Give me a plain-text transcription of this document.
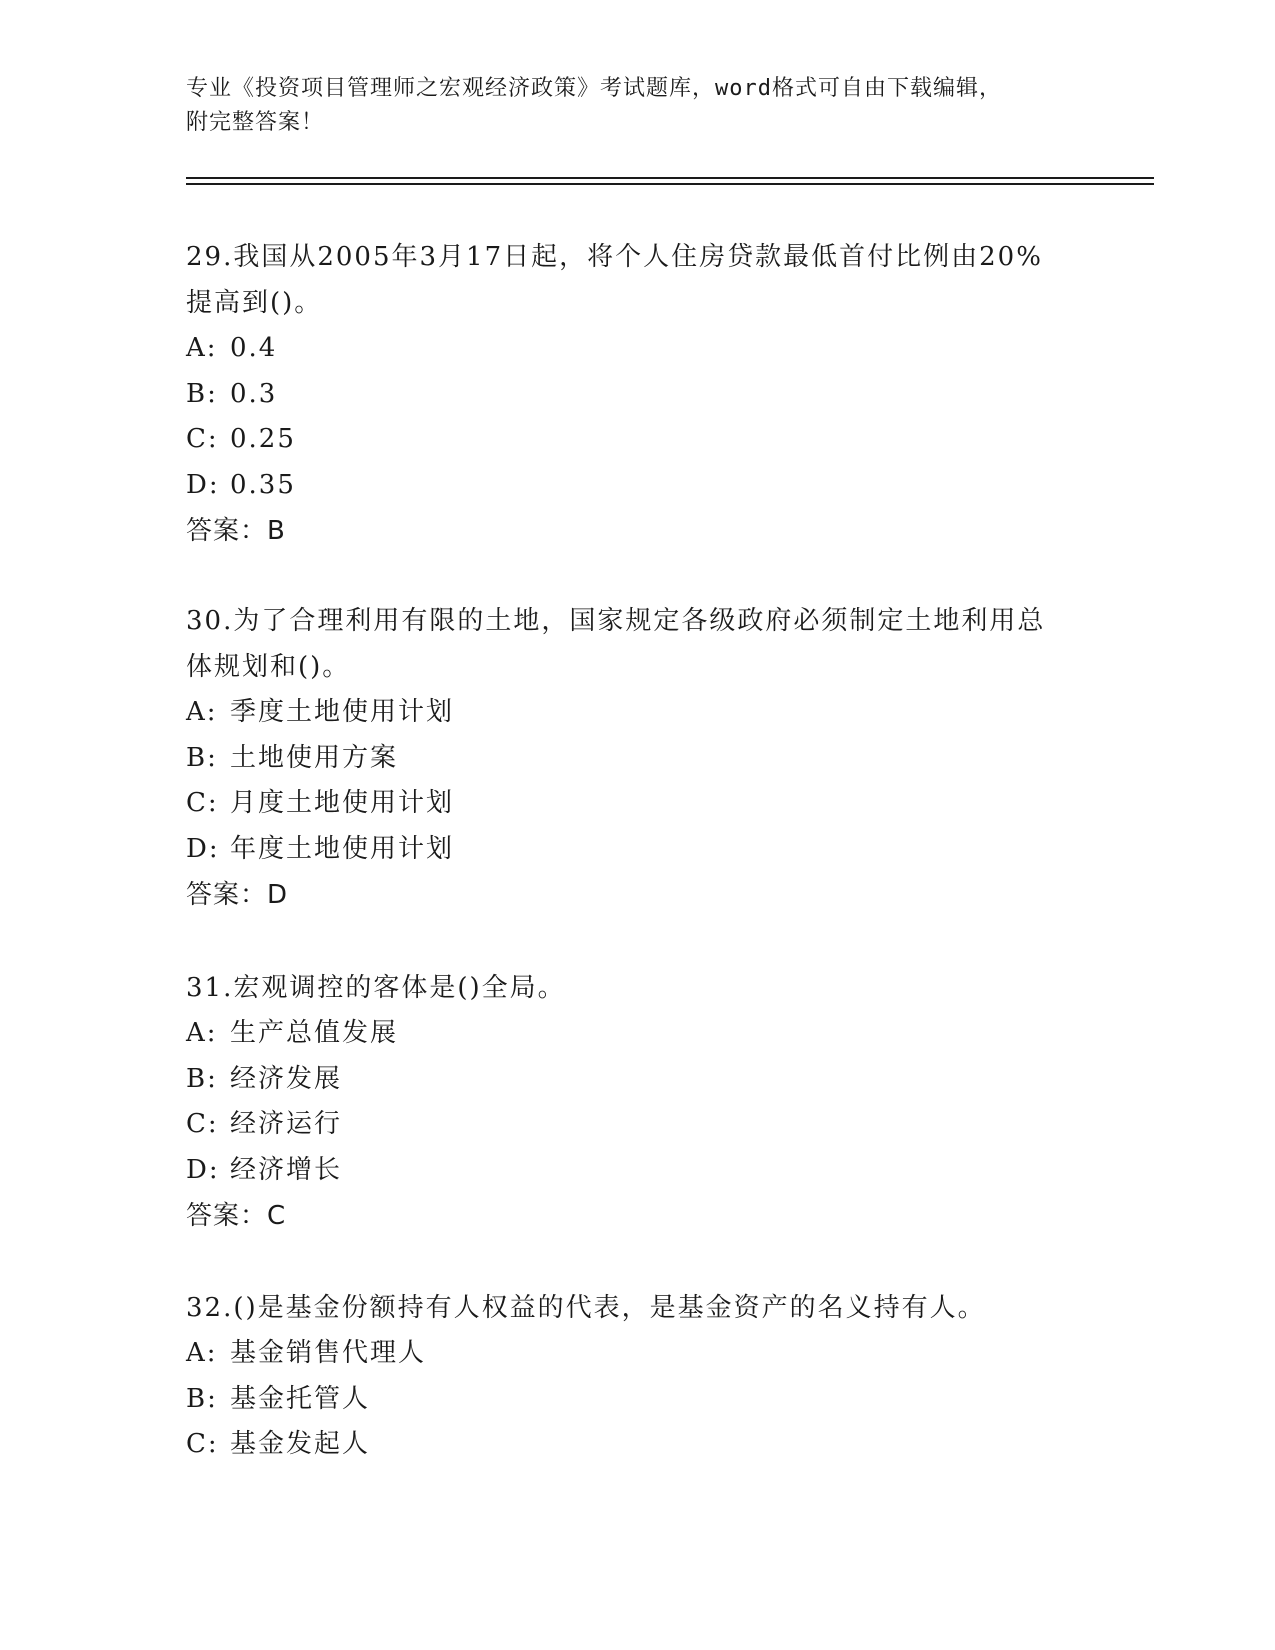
专业《投资项目管理师之宏观经济政策》考试题库，word格式可自由下载编辑，
附完整答案！

29.我国从2005年3月17日起，将个人住房贷款最低首付比例由20%

提高到()。

A: 0.4

B: 0.3

C: 0.25

D: 0.35

答案：B

30.为了合理利用有限的土地，国家规定各级政府必须制定土地利用总

体规划和()。

A: 季度土地使用计划

B: 土地使用方案

C: 月度土地使用计划

D: 年度土地使用计划

答案：D

31.宏观调控的客体是()全局。

A: 生产总值发展

B: 经济发展

C: 经济运行

D: 经济增长

答案：C

32.()是基金份额持有人权益的代表，是基金资产的名义持有人。

A: 基金销售代理人

B: 基金托管人

C: 基金发起人
